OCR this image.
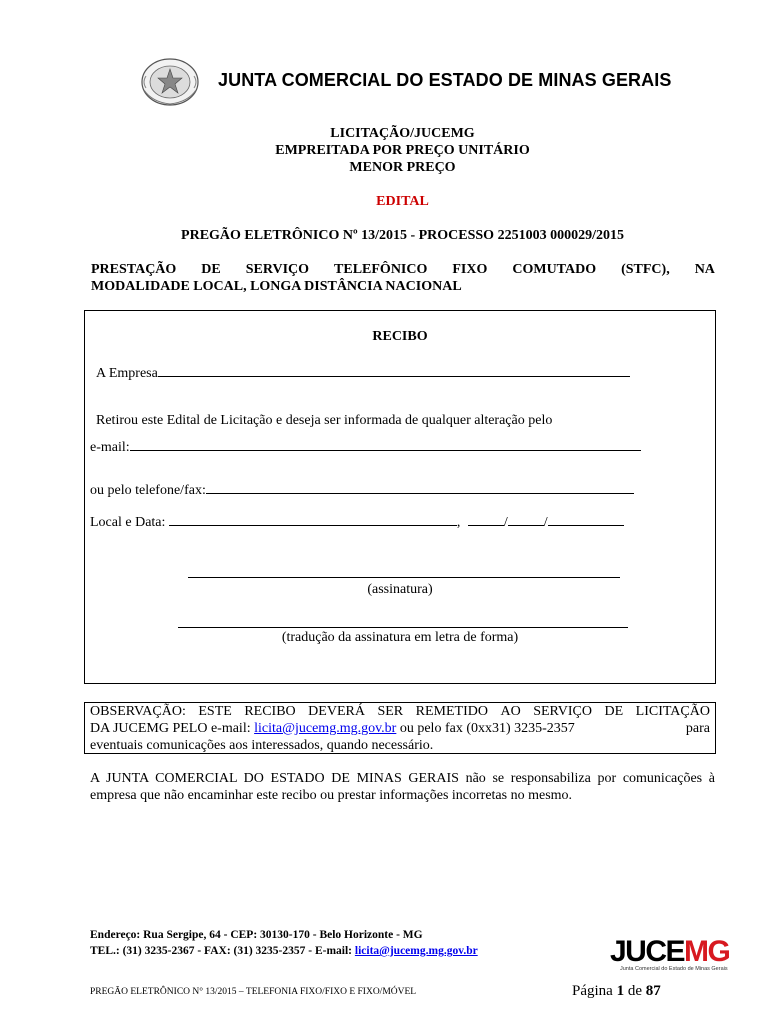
JUNTA COMERCIAL DO ESTADO DE MINAS GERAIS
LICITAÇÃO/JUCEMG
EMPREITADA POR PREÇO UNITÁRIO
MENOR PREÇO
EDITAL
PREGÃO ELETRÔNICO Nº 13/2015 - PROCESSO 2251003 000029/2015
PRESTAÇÃO DE SERVIÇO TELEFÔNICO FIXO COMUTADO (STFC), NA
MODALIDADE LOCAL, LONGA DISTÂNCIA NACIONAL
RECIBO
A Empresa
Retirou este Edital de Licitação e deseja ser informada de qualquer alteração pelo
e-mail:
ou pelo telefone/fax:
Local e Data:	,	/	/
(assinatura)
(tradução da assinatura em letra de forma)
OBSERVAÇÃO: ESTE RECIBO DEVERÁ SER REMETIDO AO SERVIÇO DE LICITAÇÃO
DA JUCEMG PELO e-mail: licita@jucemg.mg.gov.br ou pelo fax (0xx31) 3235-2357	para
eventuais comunicações aos interessados, quando necessário.
A JUNTA COMERCIAL DO ESTADO DE MINAS GERAIS não se responsabiliza por comunicações à empresa que não encaminhar este recibo ou prestar informações incorretas no mesmo.
Endereço: Rua Sergipe, 64 - CEP: 30130-170 - Belo Horizonte - MG
TEL.: (31) 3235-2367 - FAX: (31) 3235-2357 - E-mail: licita@jucemg.mg.gov.br	JUCEMG
Junta Comercial do Estado de Minas Gerais
PREGÃO ELETRÔNICO N° 13/2015 – TELEFONIA FIXO/FIXO E FIXO/MÓVEL	Página 1 de 87
